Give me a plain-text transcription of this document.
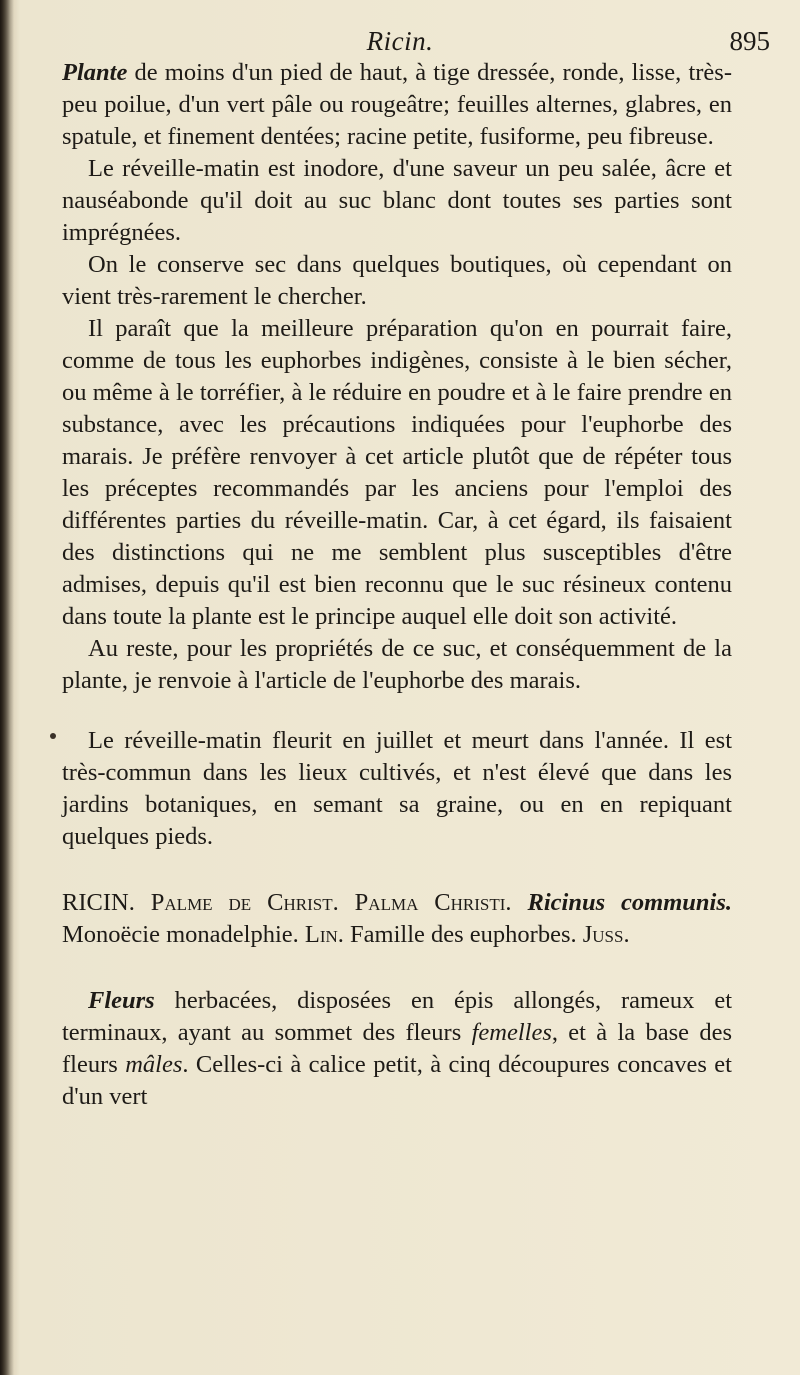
Ricin.	895

Plante de moins d'un pied de haut, à tige dressée, ronde, lisse, très-peu poilue, d'un vert pâle ou rougeâtre; feuilles alternes, glabres, en spatule, et finement dentées; racine petite, fusiforme, peu fibreuse.

Le réveille-matin est inodore, d'une saveur un peu salée, âcre et nauséabonde qu'il doit au suc blanc dont toutes ses parties sont imprégnées.

On le conserve sec dans quelques boutiques, où cependant on vient très-rarement le chercher.

Il paraît que la meilleure préparation qu'on en pourrait faire, comme de tous les euphorbes indigènes, consiste à le bien sécher, ou même à le torréfier, à le réduire en poudre et à le faire prendre en substance, avec les précautions indiquées pour l'euphorbe des marais. Je préfère renvoyer à cet article plutôt que de répéter tous les préceptes recommandés par les anciens pour l'emploi des différentes parties du réveille-matin. Car, à cet égard, ils faisaient des distinctions qui ne me semblent plus susceptibles d'être admises, depuis qu'il est bien reconnu que le suc résineux contenu dans toute la plante est le principe auquel elle doit son activité.

Au reste, pour les propriétés de ce suc, et conséquemment de la plante, je renvoie à l'article de l'euphorbe des marais.

Le réveille-matin fleurit en juillet et meurt dans l'année. Il est très-commun dans les lieux cultivés, et n'est élevé que dans les jardins botaniques, en semant sa graine, ou en en repiquant quelques pieds.

RICIN. Palme de Christ. Palma Christi. Ricinus communis. Monoëcie monadelphie. Lin. Famille des euphorbes. Juss.

Fleurs herbacées, disposées en épis allongés, rameux et terminaux, ayant au sommet des fleurs femelles, et à la base des fleurs mâles. Celles-ci à calice petit, à cinq découpures concaves et d'un vert
